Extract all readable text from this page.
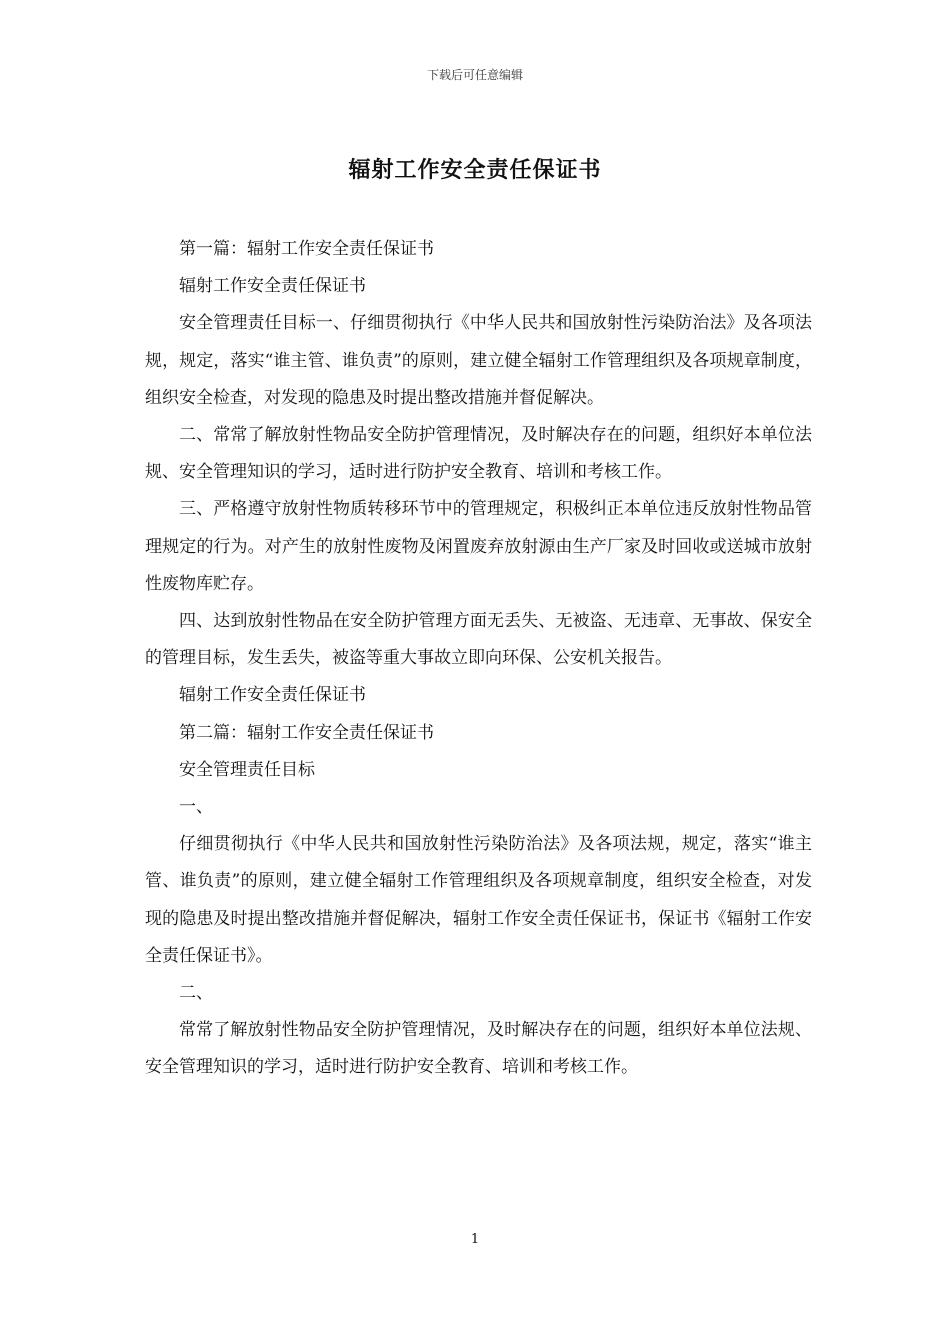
下载后可任意编辑
辐射工作安全责任保证书

第一篇：辐射工作安全责任保证书

辐射工作安全责任保证书

安全管理责任目标一、仔细贯彻执行《中华人民共和国放射性污染防治法》及各项法规，规定，落实“谁主管、谁负责”的原则，建立健全辐射工作管理组织及各项规章制度，组织安全检查，对发现的隐患及时提出整改措施并督促解决。

二、常常了解放射性物品安全防护管理情况，及时解决存在的问题，组织好本单位法规、安全管理知识的学习，适时进行防护安全教育、培训和考核工作。

三、严格遵守放射性物质转移环节中的管理规定，积极纠正本单位违反放射性物品管理规定的行为。对产生的放射性废物及闲置废弃放射源由生产厂家及时回收或送城市放射性废物库贮存。

四、达到放射性物品在安全防护管理方面无丢失、无被盗、无违章、无事故、保安全的管理目标，发生丢失，被盗等重大事故立即向环保、公安机关报告。

辐射工作安全责任保证书

第二篇：辐射工作安全责任保证书

安全管理责任目标

一、

仔细贯彻执行《中华人民共和国放射性污染防治法》及各项法规，规定，落实“谁主管、谁负责”的原则，建立健全辐射工作管理组织及各项规章制度，组织安全检查，对发现的隐患及时提出整改措施并督促解决，辐射工作安全责任保证书，保证书《辐射工作安全责任保证书》。

二、

常常了解放射性物品安全防护管理情况，及时解决存在的问题，组织好本单位法规、安全管理知识的学习，适时进行防护安全教育、培训和考核工作。

1
